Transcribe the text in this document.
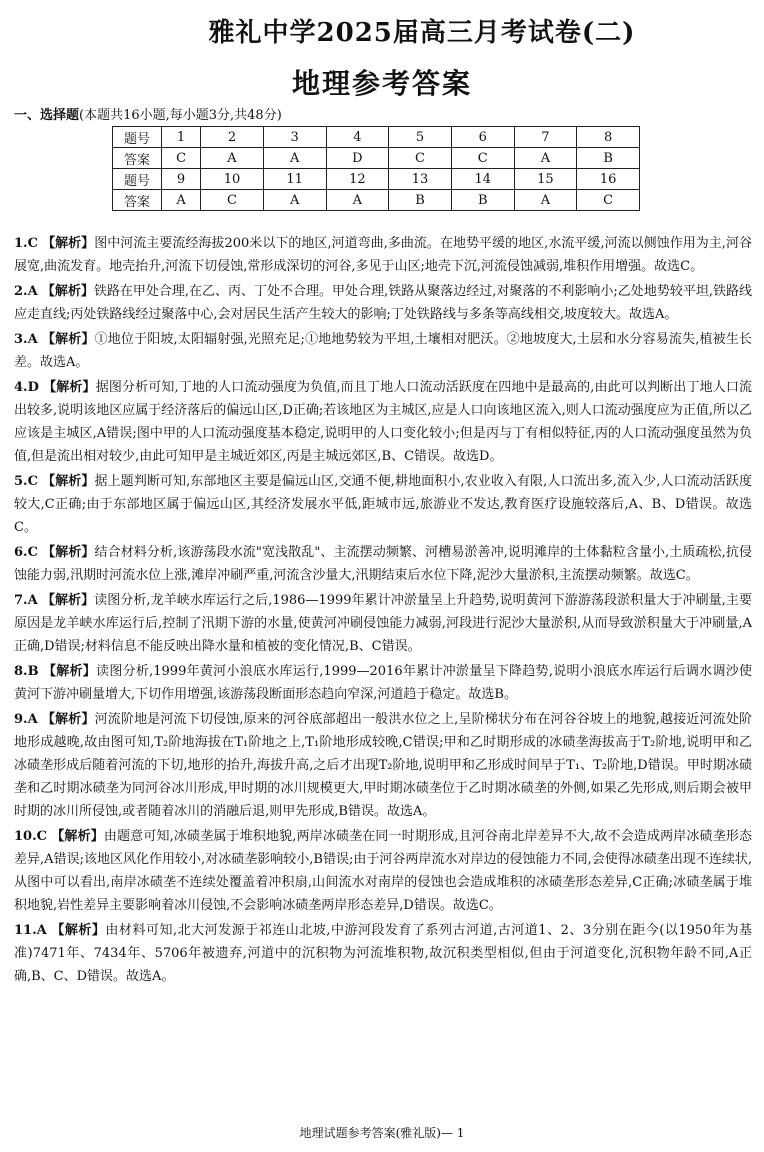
雅礼中学2025届高三月考试卷(二)
地理参考答案
一、选择题(本题共16小题,每小题3分,共48分)
题号	1	2	3	4	5	6	7	8
答案	C	A	A	D	C	C	A	B
题号	9	10	11	12	13	14	15	16
答案	A	C	A	A	B	B	A	C

1.C 【解析】图中河流主要流经海拔200米以下的地区,河道弯曲,多曲流。在地势平缓的地区,水流平缓,河流以侧蚀作用为主,河谷展宽,曲流发育。地壳抬升,河流下切侵蚀,常形成深切的河谷,多见于山区;地壳下沉,河流侵蚀减弱,堆积作用增强。故选C。

2.A 【解析】铁路在甲处合理,在乙、丙、丁处不合理。甲处合理,铁路从聚落边经过,对聚落的不利影响小;乙处地势较平坦,铁路线应走直线;丙处铁路线经过聚落中心,会对居民生活产生较大的影响;丁处铁路线与多条等高线相交,坡度较大。故选A。

3.A 【解析】①地位于阳坡,太阳辐射强,光照充足;①地地势较为平坦,土壤相对肥沃。②地坡度大,土层和水分容易流失,植被生长差。故选A。

4.D 【解析】据图分析可知,丁地的人口流动强度为负值,而且丁地人口流动活跃度在四地中是最高的,由此可以判断出丁地人口流出较多,说明该地区应属于经济落后的偏远山区,D正确;若该地区为主城区,应是人口向该地区流入,则人口流动强度应为正值,所以乙应该是主城区,A错误;图中甲的人口流动强度基本稳定,说明甲的人口变化较小;但是丙与丁有相似特征,丙的人口流动强度虽然为负值,但是流出相对较少,由此可知甲是主城近郊区,丙是主城远郊区,B、C错误。故选D。

5.C 【解析】据上题判断可知,东部地区主要是偏远山区,交通不便,耕地面积小,农业收入有限,人口流出多,流入少,人口流动活跃度较大,C正确;由于东部地区属于偏远山区,其经济发展水平低,距城市远,旅游业不发达,教育医疗设施较落后,A、B、D错误。故选C。

6.C 【解析】结合材料分析,该游荡段水流"宽浅散乱"、主流摆动频繁、河槽易淤善冲,说明滩岸的土体黏粒含量小,土质疏松,抗侵蚀能力弱,汛期时河流水位上涨,滩岸冲刷严重,河流含沙量大,汛期结束后水位下降,泥沙大量淤积,主流摆动频繁。故选C。

7.A 【解析】读图分析,龙羊峡水库运行之后,1986—1999年累计冲淤量呈上升趋势,说明黄河下游游荡段淤积量大于冲刷量,主要原因是龙羊峡水库运行后,控制了汛期下游的水量,使黄河冲刷侵蚀能力减弱,河段进行泥沙大量淤积,从而导致淤积量大于冲刷量,A正确,D错误;材料信息不能反映出降水量和植被的变化情况,B、C错误。

8.B 【解析】读图分析,1999年黄河小浪底水库运行,1999—2016年累计冲淤量呈下降趋势,说明小浪底水库运行后调水调沙使黄河下游冲刷量增大,下切作用增强,该游荡段断面形态趋向窄深,河道趋于稳定。故选B。

9.A 【解析】河流阶地是河流下切侵蚀,原来的河谷底部超出一般洪水位之上,呈阶梯状分布在河谷谷坡上的地貌,越接近河流处阶地形成越晚,故由图可知,T₂阶地海拔在T₁阶地之上,T₁阶地形成较晚,C错误;甲和乙时期形成的冰碛垄海拔高于T₂阶地,说明甲和乙冰碛垄形成后随着河流的下切,地形的抬升,海拔升高,之后才出现T₂阶地,说明甲和乙形成时间早于T₁、T₂阶地,D错误。甲时期冰碛垄和乙时期冰碛垄为同河谷冰川形成,甲时期的冰川规模更大,甲时期冰碛垄位于乙时期冰碛垄的外侧,如果乙先形成,则后期会被甲时期的冰川所侵蚀,或者随着冰川的消融后退,则甲先形成,B错误。故选A。

10.C 【解析】由题意可知,冰碛垄属于堆积地貌,两岸冰碛垄在同一时期形成,且河谷南北岸差异不大,故不会造成两岸冰碛垄形态差异,A错误;该地区风化作用较小,对冰碛垄影响较小,B错误;由于河谷两岸流水对岸边的侵蚀能力不同,会使得冰碛垄出现不连续状,从图中可以看出,南岸冰碛垄不连续处覆盖着冲积扇,山间流水对南岸的侵蚀也会造成堆积的冰碛垄形态差异,C正确;冰碛垄属于堆积地貌,岩性差异主要影响着冰川侵蚀,不会影响冰碛垄两岸形态差异,D错误。故选C。

11.A 【解析】由材料可知,北大河发源于祁连山北坡,中游河段发育了系列古河道,古河道1、2、3分别在距今(以1950年为基准)7471年、7434年、5706年被遗弃,河道中的沉积物为河流堆积物,故沉积类型相似,但由于河道变化,沉积物年龄不同,A正确,B、C、D错误。故选A。

地理试题参考答案(雅礼版)— 1
